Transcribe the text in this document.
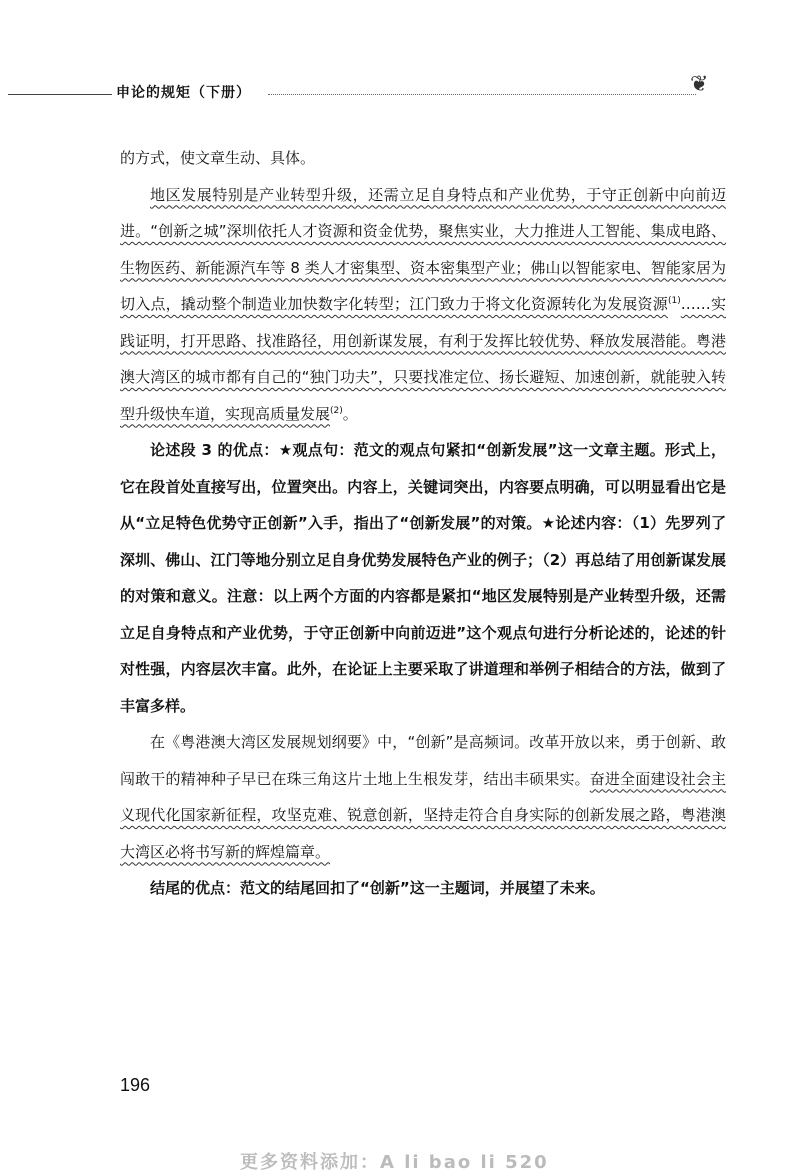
申论的规矩（下册）	❦

的方式，使文章生动、具体。

地区发展特别是产业转型升级，还需立足自身特点和产业优势，于守正创新中向前迈进。“创新之城”深圳依托人才资源和资金优势，聚焦实业，大力推进人工智能、集成电路、生物医药、新能源汽车等 8 类人才密集型、资本密集型产业；佛山以智能家电、智能家居为切入点，撬动整个制造业加快数字化转型；江门致力于将文化资源转化为发展资源$^{(1)}$……实践证明，打开思路、找准路径，用创新谋发展，有利于发挥比较优势、释放发展潜能。粤港澳大湾区的城市都有自己的“独门功夫”，只要找准定位、扬长避短、加速创新，就能驶入转型升级快车道，实现高质量发展$^{(2)}$。

论述段 3 的优点：★观点句：范文的观点句紧扣“创新发展”这一文章主题。形式上，它在段首处直接写出，位置突出。内容上，关键词突出，内容要点明确，可以明显看出它是从“立足特色优势守正创新”入手，指出了“创新发展”的对策。★论述内容：（1）先罗列了深圳、佛山、江门等地分别立足自身优势发展特色产业的例子；（2）再总结了用创新谋发展的对策和意义。注意：以上两个方面的内容都是紧扣“地区发展特别是产业转型升级，还需立足自身特点和产业优势，于守正创新中向前迈进”这个观点句进行分析论述的，论述的针对性强，内容层次丰富。此外，在论证上主要采取了讲道理和举例子相结合的方法，做到了丰富多样。

在《粤港澳大湾区发展规划纲要》中，“创新”是高频词。改革开放以来，勇于创新、敢闯敢干的精神种子早已在珠三角这片土地上生根发芽，结出丰硕果实。奋进全面建设社会主义现代化国家新征程，攻坚克难、锐意创新，坚持走符合自身实际的创新发展之路，粤港澳大湾区必将书写新的辉煌篇章。

结尾的优点：范文的结尾回扣了“创新”这一主题词，并展望了未来。

196
更多资料添加：A li bao li 520
